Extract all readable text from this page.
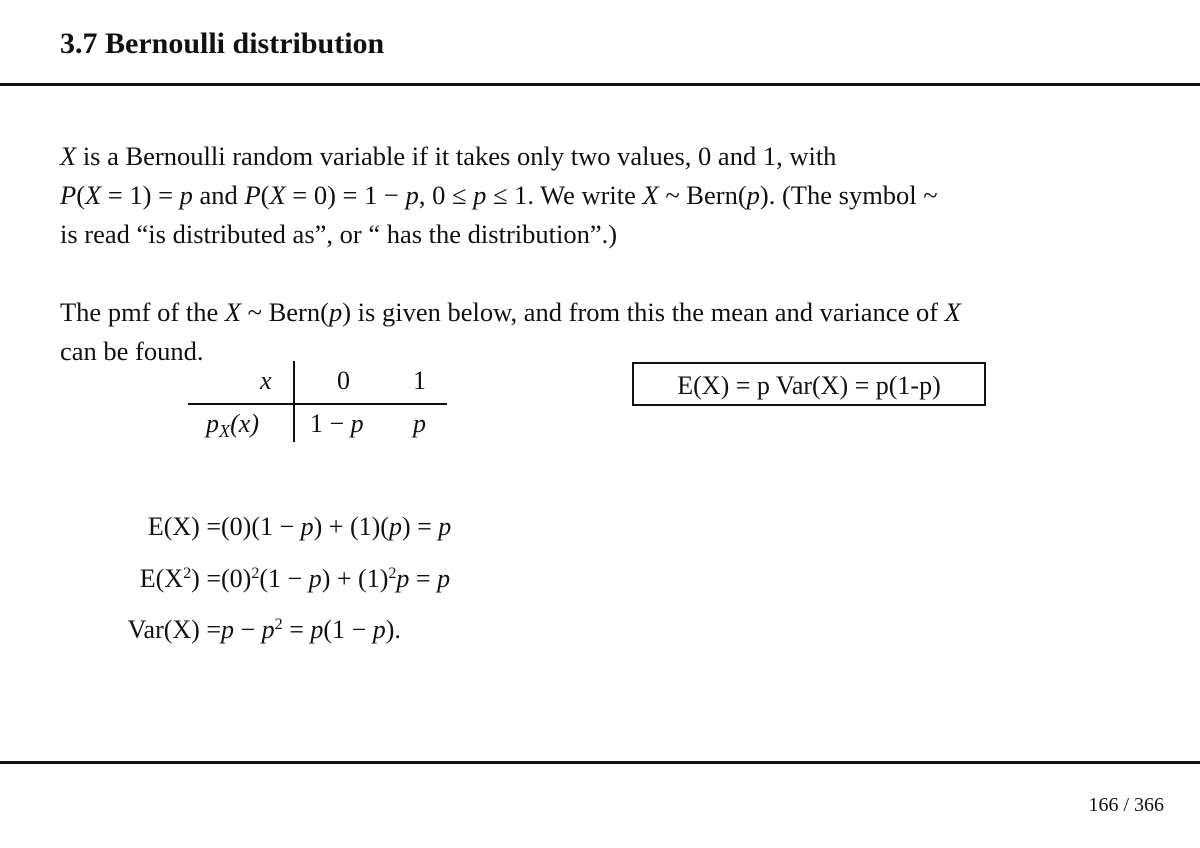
3.7 Bernoulli distribution
X is a Bernoulli random variable if it takes only two values, 0 and 1, with
P(X = 1) = p and P(X = 0) = 1 − p, 0 ≤ p ≤ 1. We write X ~ Bern(p). (The symbol ~
is read “is distributed as”, or “ has the distribution”.)
The pmf of the X ~ Bern(p) is given below, and from this the mean and variance of X
can be found.
x	0 1
$p_X(x) 1 - p$ p
E(X) = p Var(X) = p(1-p)
E(X) = (0)(1 − p) + (1)(p) = p
$E(X^2) = (0)^2(1 - p) + (1)^2p = p$
$Var(X) = p - p^2 = p(1 - p)$.
166 / 366
